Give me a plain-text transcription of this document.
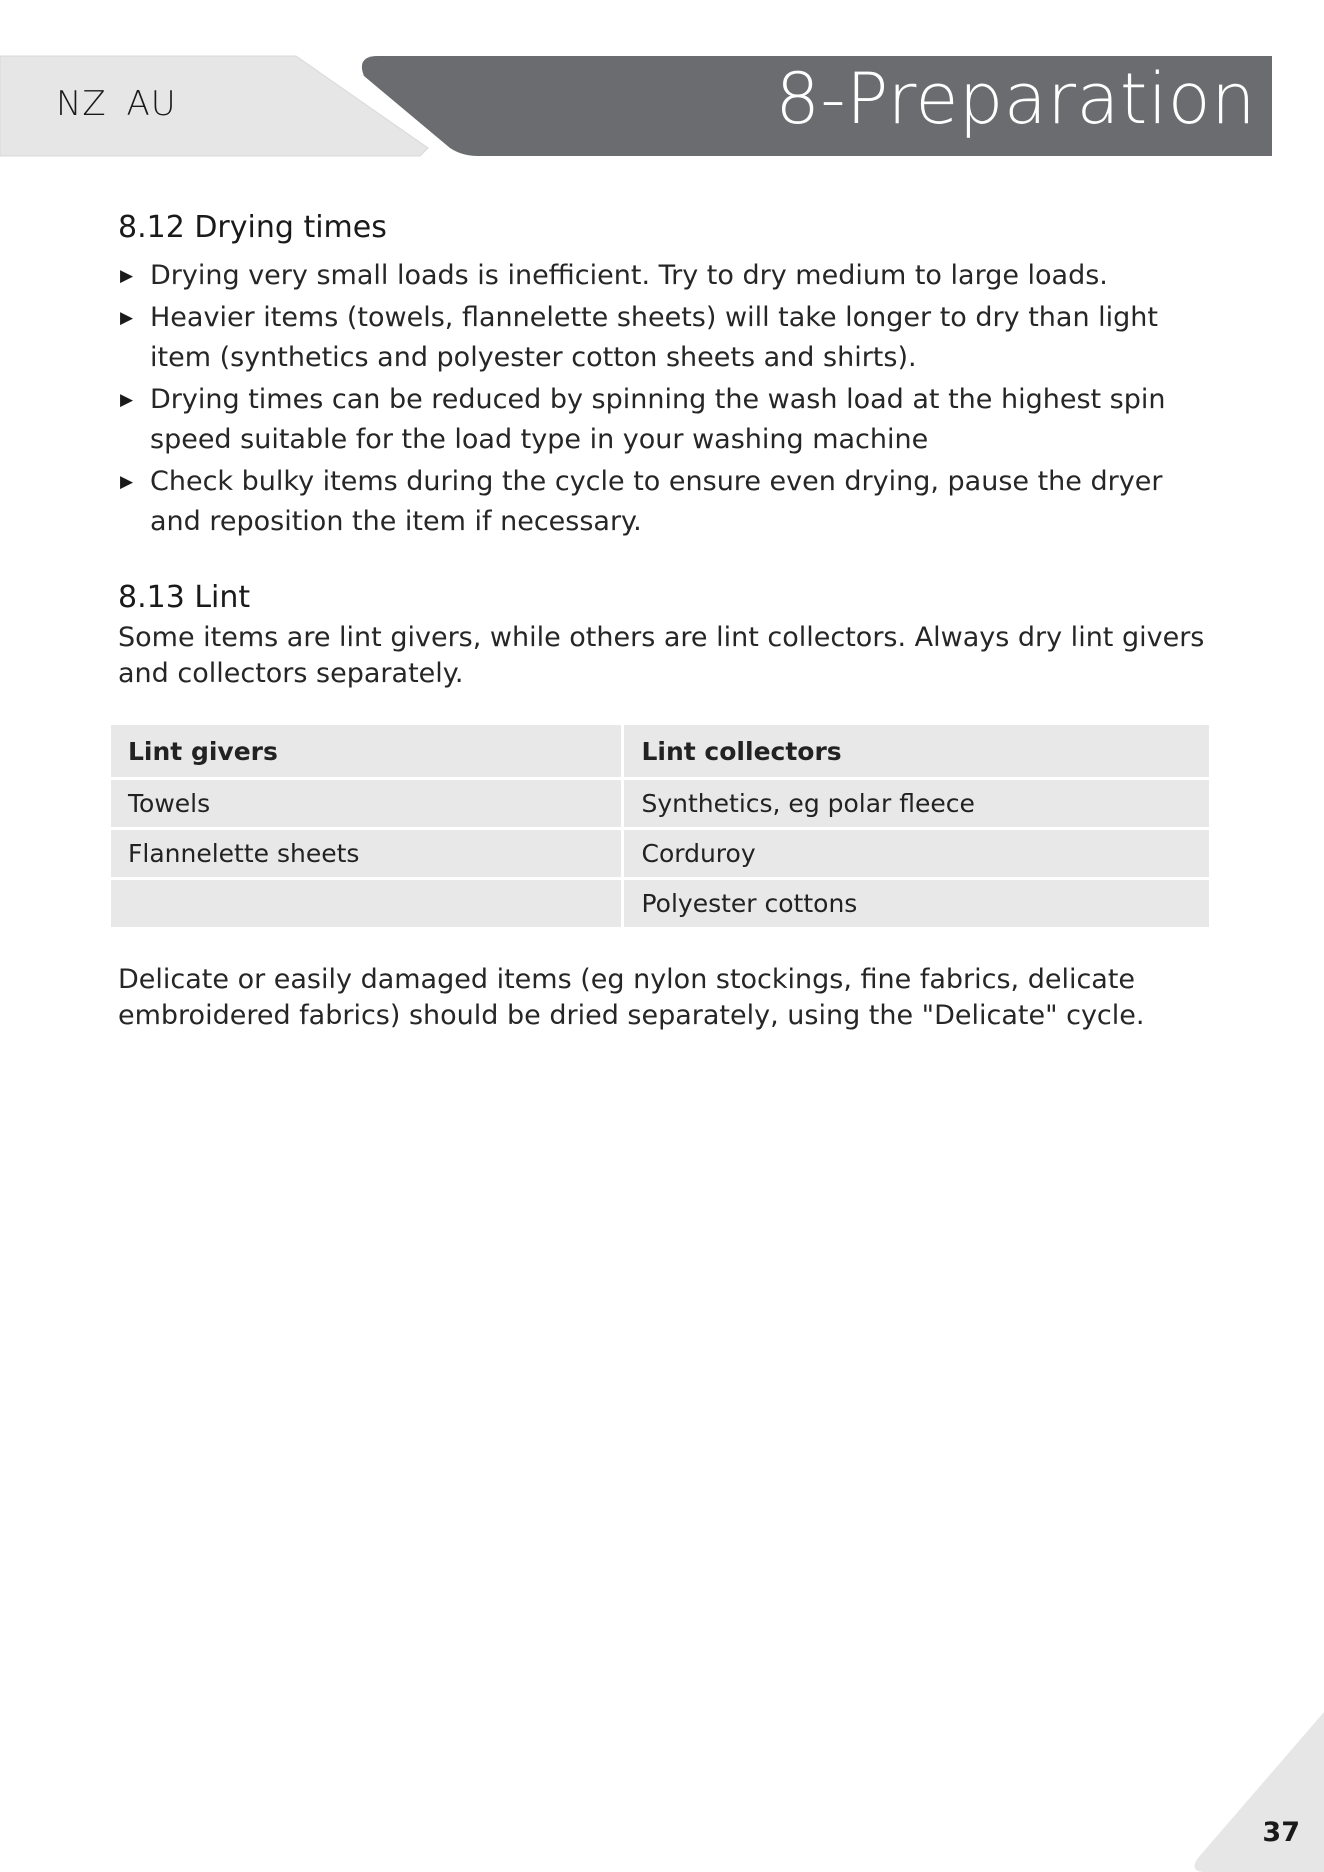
NZ AU	8-Preparation
8.12 Drying times
▶ Drying very small loads is inefficient. Try to dry medium to large loads.
▶ Heavier items (towels, flannelette sheets) will take longer to dry than light item (synthetics and polyester cotton sheets and shirts).
▶ Drying times can be reduced by spinning the wash load at the highest spin speed suitable for the load type in your washing machine
▶ Check bulky items during the cycle to ensure even drying, pause the dryer and reposition the item if necessary.
8.13 Lint

Some items are lint givers, while others are lint collectors. Always dry lint givers and collectors separately.

Lint givers	Lint collectors
Towels	Synthetics, eg polar fleece
Flannelette sheets	Corduroy
	Polyester cottons

Delicate or easily damaged items (eg nylon stockings, fine fabrics, delicate embroidered fabrics) should be dried separately, using the "Delicate" cycle.

37
